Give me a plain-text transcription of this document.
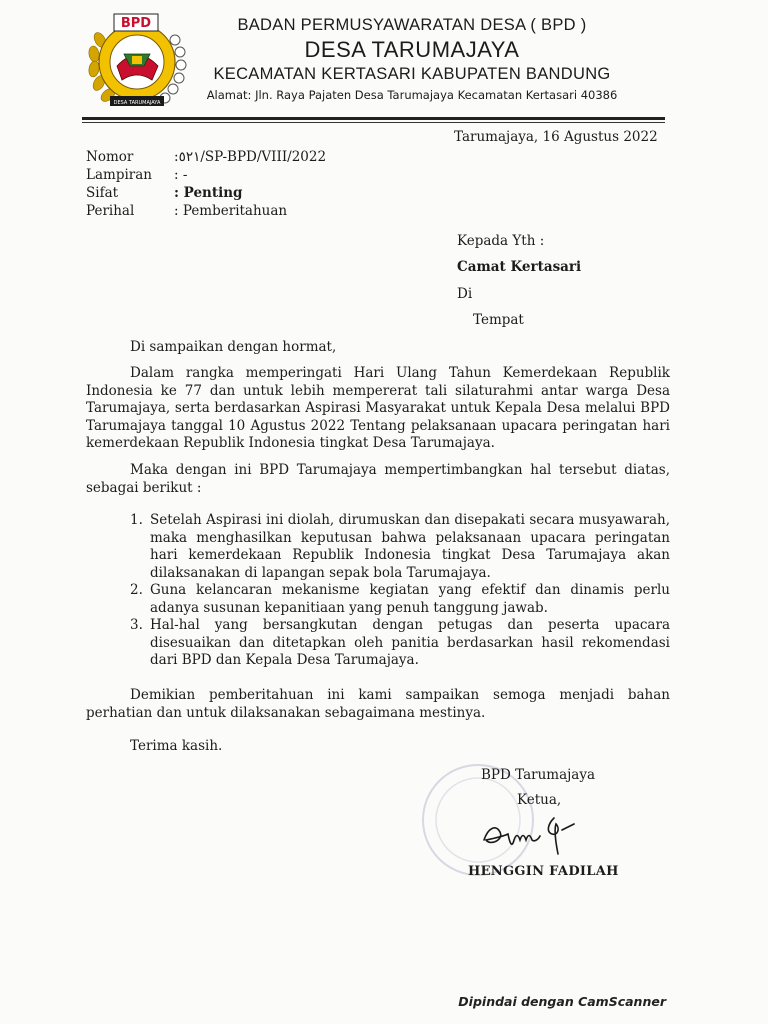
BPD
DESA TARUMAJAYA
BADAN PERMUSYAWARATAN DESA ( BPD )
DESA TARUMAJAYA
KECAMATAN KERTASARI KABUPATEN BANDUNG
Alamat: Jln. Raya Pajaten Desa Tarumajaya Kecamatan Kertasari 40386
Tarumajaya, 16 Agustus 2022
Nomor	:٥٢١/SP-BPD/VIII/2022
Lampiran : -
Sifat	: Penting
Perihal	: Pemberitahuan
Kepada Yth :
Camat Kertasari
Di
Tempat
Di sampaikan dengan hormat,
Dalam rangka memperingati Hari Ulang Tahun Kemerdekaan Republik Indonesia ke 77 dan untuk lebih mempererat tali silaturahmi antar warga Desa Tarumajaya, serta berdasarkan Aspirasi Masyarakat untuk Kepala Desa melalui BPD Tarumajaya tanggal 10 Agustus 2022 Tentang pelaksanaan upacara peringatan hari kemerdekaan Republik Indonesia tingkat Desa Tarumajaya.
Maka dengan ini BPD Tarumajaya mempertimbangkan hal tersebut diatas, sebagai berikut :
1. Setelah Aspirasi ini diolah, dirumuskan dan disepakati secara musyawarah, maka menghasilkan keputusan bahwa pelaksanaan upacara peringatan hari kemerdekaan Republik Indonesia tingkat Desa Tarumajaya akan dilaksanakan di lapangan sepak bola Tarumajaya.
2. Guna kelancaran mekanisme kegiatan yang efektif dan dinamis perlu adanya susunan kepanitiaan yang penuh tanggung jawab.
3. Hal-hal yang bersangkutan dengan petugas dan peserta upacara disesuaikan dan ditetapkan oleh panitia berdasarkan hasil rekomendasi dari BPD dan Kepala Desa Tarumajaya.
Demikian pemberitahuan ini kami sampaikan semoga menjadi bahan perhatian dan untuk dilaksanakan sebagaimana mestinya.
Terima kasih.
BPD Tarumajaya
Ketua,
HENGGIN FADILAH
Dipindai dengan CamScanner
